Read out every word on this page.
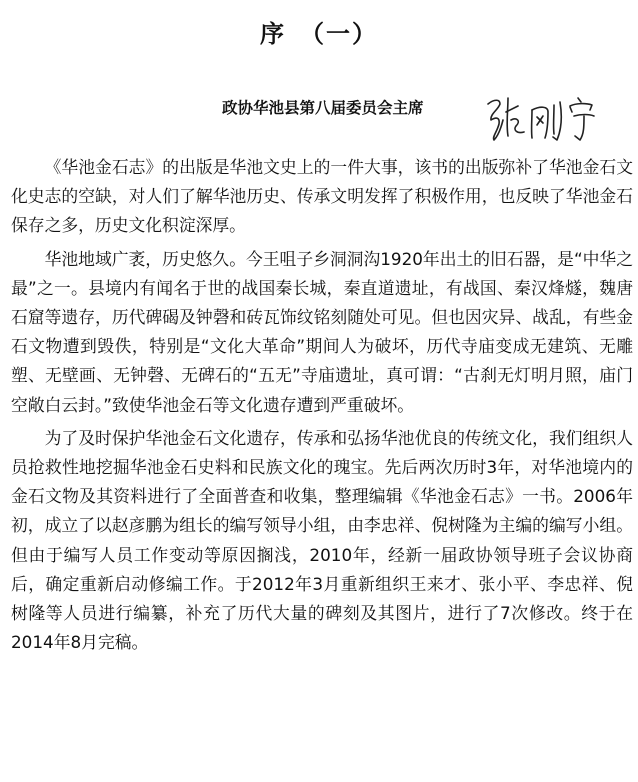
序　（一）
政协华池县第八届委员会主席

《华池金石志》的出版是华池文史上的一件大事，该书的出版弥补了华池金石文化史志的空缺，对人们了解华池历史、传承文明发挥了积极作用，也反映了华池金石保存之多，历史文化积淀深厚。

华池地域广袤，历史悠久。今王咀子乡洞洞沟1920年出土的旧石器，是“中华之最”之一。县境内有闻名于世的战国秦长城，秦直道遗址，有战国、秦汉烽燧，魏唐石窟等遗存，历代碑碣及钟磬和砖瓦饰纹铭刻随处可见。但也因灾异、战乱，有些金石文物遭到毁佚，特别是“文化大革命”期间人为破坏，历代寺庙变成无建筑、无雕塑、无壁画、无钟磬、无碑石的“五无”寺庙遗址，真可谓：“古刹无灯明月照，庙门空敞白云封。”致使华池金石等文化遗存遭到严重破坏。

为了及时保护华池金石文化遗存，传承和弘扬华池优良的传统文化，我们组织人员抢救性地挖掘华池金石史料和民族文化的瑰宝。先后两次历时3年，对华池境内的金石文物及其资料进行了全面普查和收集，整理编辑《华池金石志》一书。2006年初，成立了以赵彦鹏为组长的编写领导小组，由李忠祥、倪树隆为主编的编写小组。但由于编写人员工作变动等原因搁浅，2010年，经新一届政协领导班子会议协商后，确定重新启动修编工作。于2012年3月重新组织王来才、张小平、李忠祥、倪树隆等人员进行编纂，补充了历代大量的碑刻及其图片，进行了7次修改。终于在2014年8月完稿。
